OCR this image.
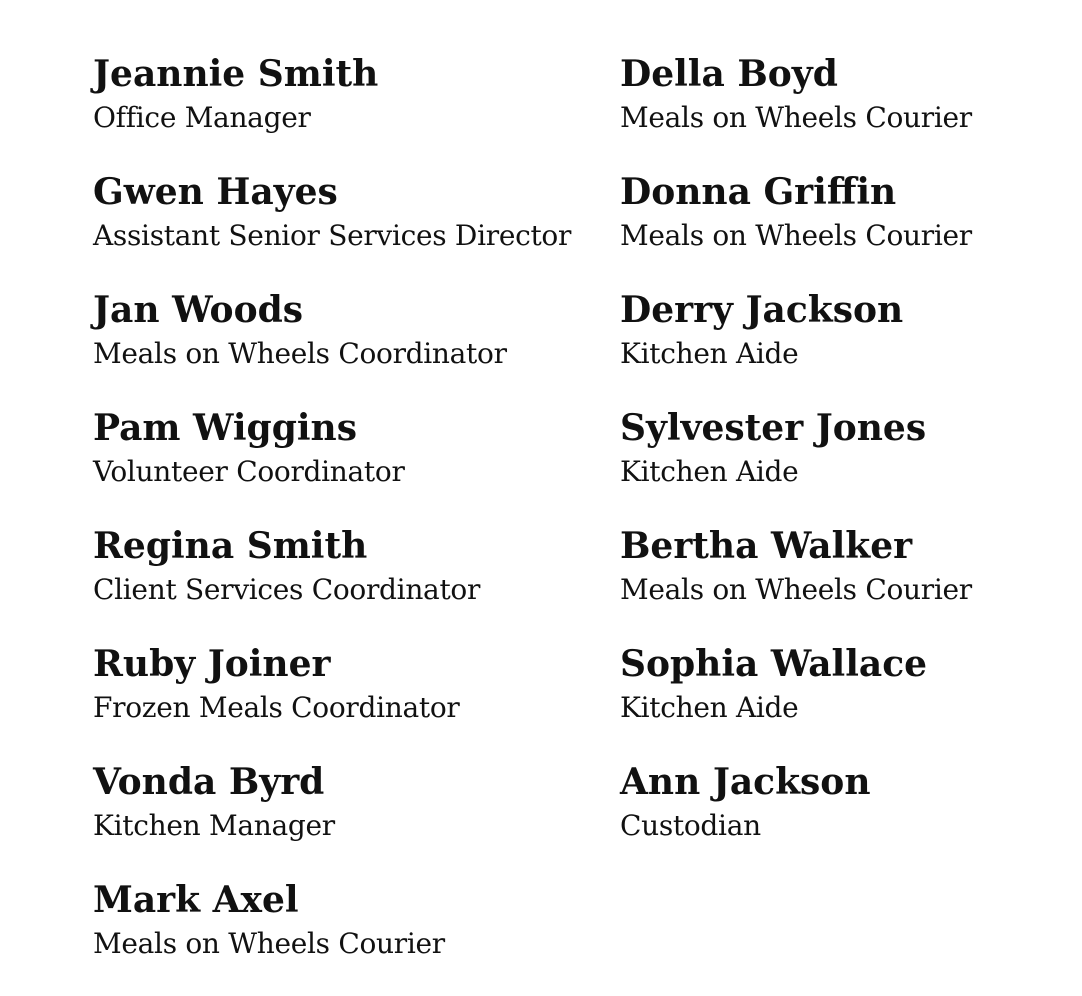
Jeannie Smith
Office Manager
Gwen Hayes
Assistant Senior Services Director
Jan Woods
Meals on Wheels Coordinator
Pam Wiggins
Volunteer Coordinator
Regina Smith
Client Services Coordinator
Ruby Joiner
Frozen Meals Coordinator
Vonda Byrd
Kitchen Manager
Mark Axel
Meals on Wheels Courier
Della Boyd
Meals on Wheels Courier
Donna Griffin
Meals on Wheels Courier
Derry Jackson
Kitchen Aide
Sylvester Jones
Kitchen Aide
Bertha Walker
Meals on Wheels Courier
Sophia Wallace
Kitchen Aide
Ann Jackson
Custodian
